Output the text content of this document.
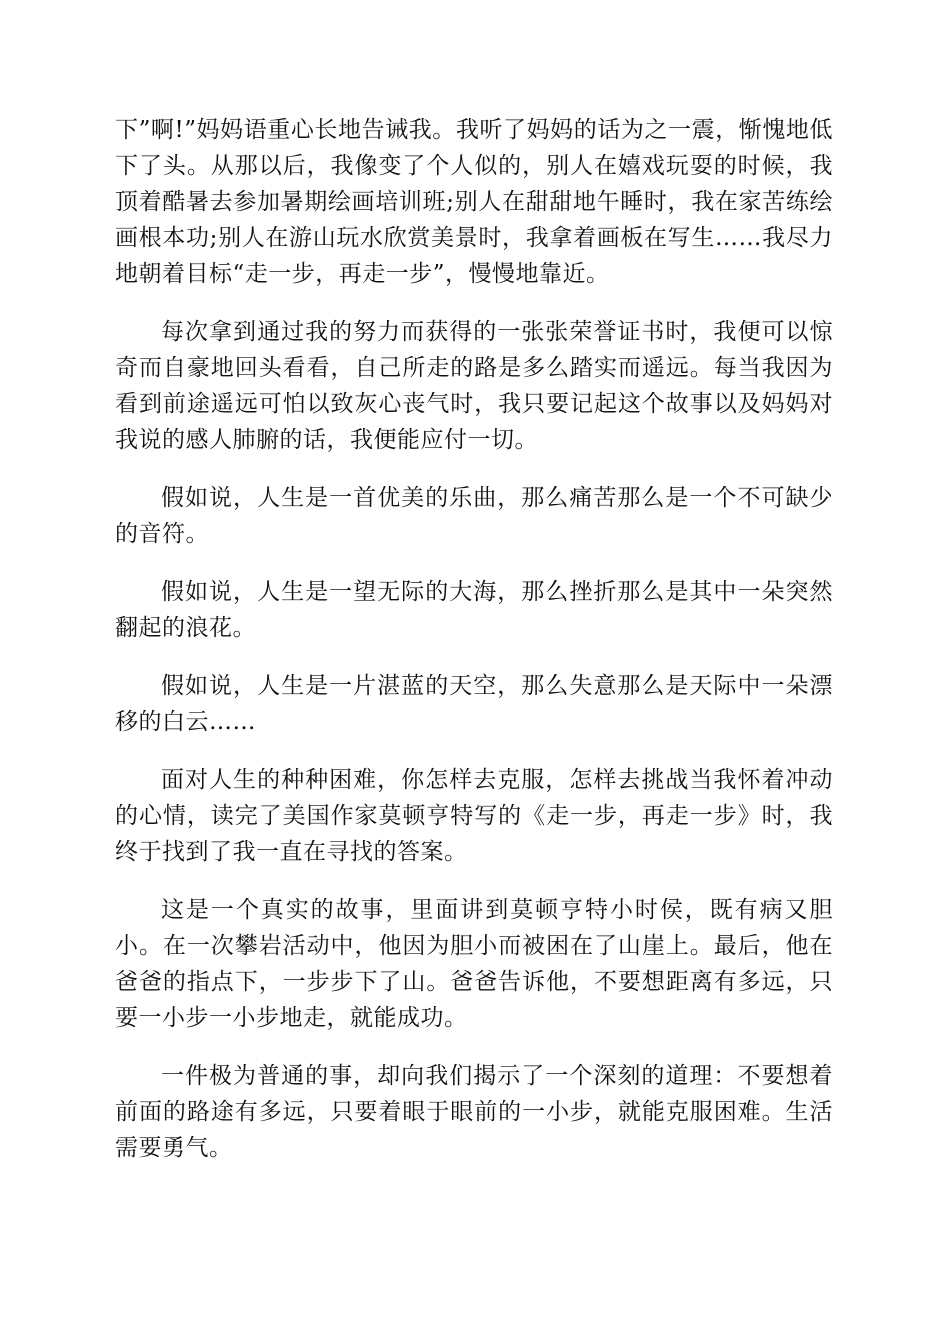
下”啊!”妈妈语重心长地告诫我。我听了妈妈的话为之一震，惭愧地低下了头。从那以后，我像变了个人似的，别人在嬉戏玩耍的时候，我顶着酷暑去参加暑期绘画培训班;别人在甜甜地午睡时，我在家苦练绘画根本功;别人在游山玩水欣赏美景时，我拿着画板在写生……我尽力地朝着目标“走一步，再走一步”，慢慢地靠近。

每次拿到通过我的努力而获得的一张张荣誉证书时，我便可以惊奇而自豪地回头看看，自己所走的路是多么踏实而遥远。每当我因为看到前途遥远可怕以致灰心丧气时，我只要记起这个故事以及妈妈对我说的感人肺腑的话，我便能应付一切。

假如说，人生是一首优美的乐曲，那么痛苦那么是一个不可缺少的音符。

假如说，人生是一望无际的大海，那么挫折那么是其中一朵突然翻起的浪花。

假如说，人生是一片湛蓝的天空，那么失意那么是天际中一朵漂移的白云……

面对人生的种种困难，你怎样去克服，怎样去挑战当我怀着冲动的心情，读完了美国作家莫顿亨特写的《走一步，再走一步》时，我终于找到了我一直在寻找的答案。

这是一个真实的故事，里面讲到莫顿亨特小时侯，既有病又胆小。在一次攀岩活动中，他因为胆小而被困在了山崖上。最后，他在爸爸的指点下，一步步下了山。爸爸告诉他，不要想距离有多远，只要一小步一小步地走，就能成功。

一件极为普通的事，却向我们揭示了一个深刻的道理：不要想着前面的路途有多远，只要着眼于眼前的一小步，就能克服困难。生活需要勇气。
